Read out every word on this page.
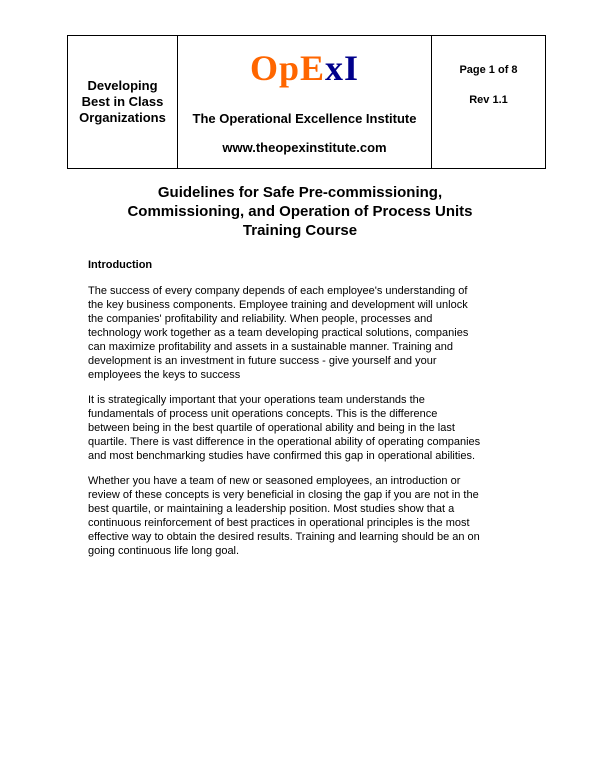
Developing
Best in Class
Organizations
OpExI
The Operational Excellence Institute
www.theopexinstitute.com
Page 1 of 8
Rev 1.1
Guidelines for Safe Pre-commissioning,
Commissioning, and Operation of Process Units
Training Course
Introduction
The success of every company depends of each employee's understanding of
the key business components. Employee training and development will unlock
the companies' profitability and reliability. When people, processes and
technology work together as a team developing practical solutions, companies
can maximize profitability and assets in a sustainable manner. Training and
development is an investment in future success - give yourself and your
employees the keys to success
It is strategically important that your operations team understands the
fundamentals of process unit operations concepts. This is the difference
between being in the best quartile of operational ability and being in the last
quartile. There is vast difference in the operational ability of operating companies
and most benchmarking studies have confirmed this gap in operational abilities.
Whether you have a team of new or seasoned employees, an introduction or
review of these concepts is very beneficial in closing the gap if you are not in the
best quartile, or maintaining a leadership position. Most studies show that a
continuous reinforcement of best practices in operational principles is the most
effective way to obtain the desired results. Training and learning should be an on
going continuous life long goal.
